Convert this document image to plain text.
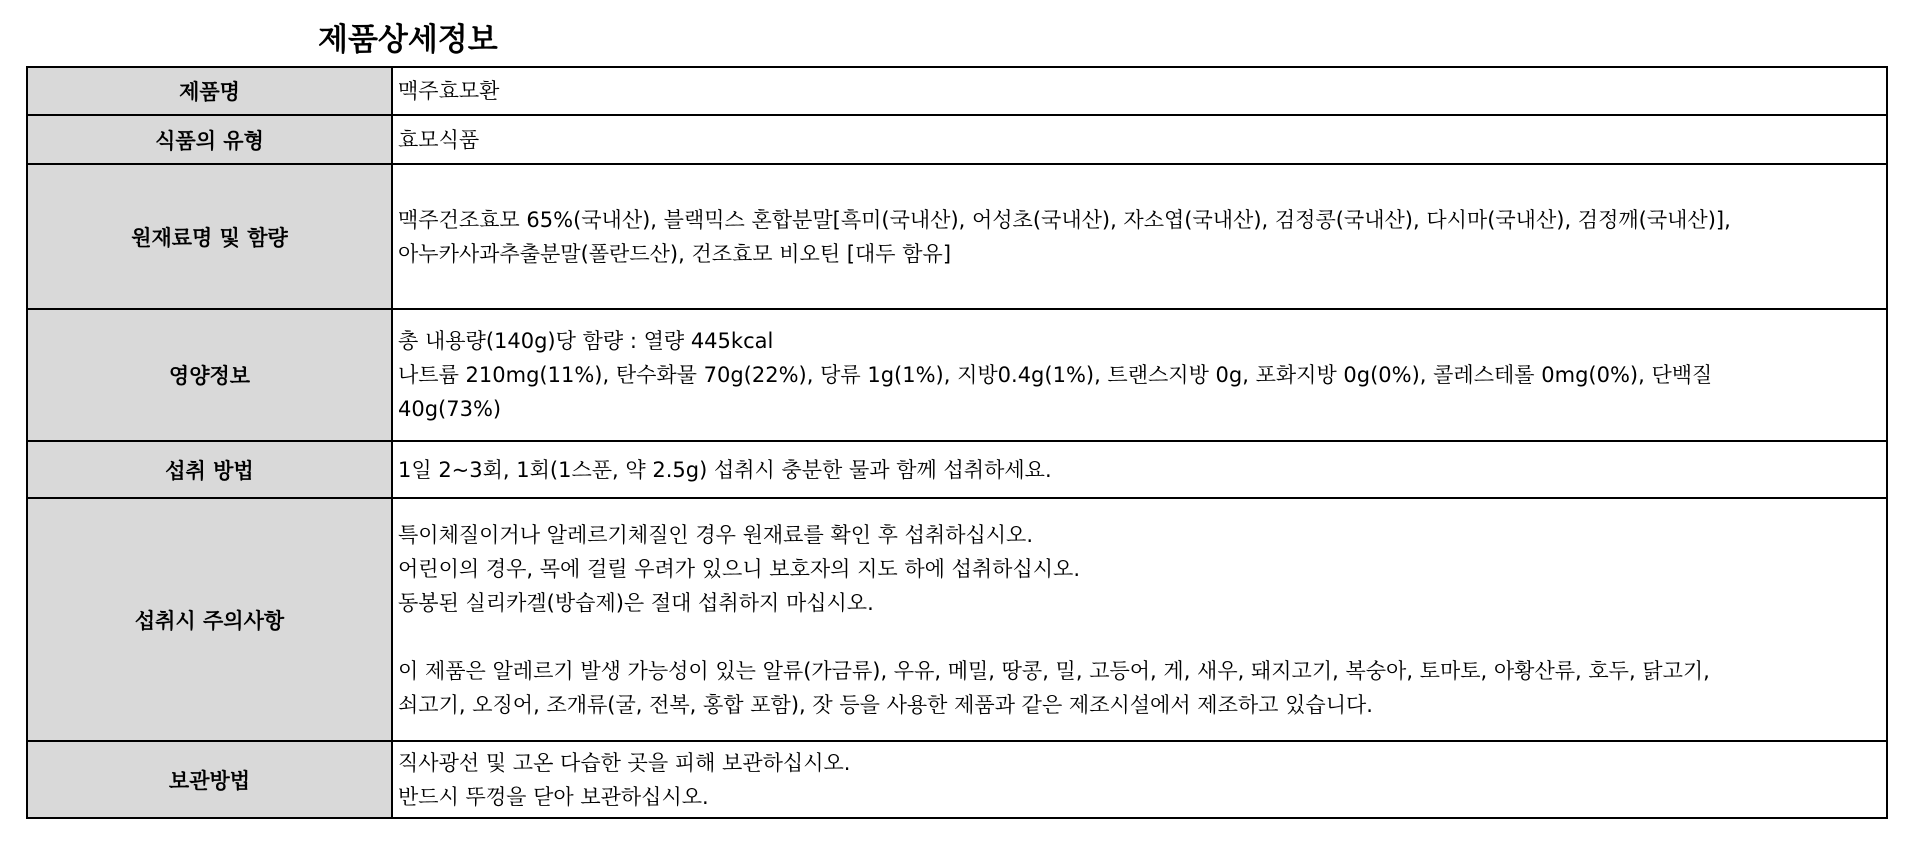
제품상세정보
제품명	맥주효모환

식품의 유형	효모식품

원재료명 및 함량	맥주건조효모 65%(국내산), 블랙믹스 혼합분말[흑미(국내산), 어성초(국내산), 자소엽(국내산), 검정콩(국내산), 다시마(국내산), 검정깨(국내산)],
아누카사과추출분말(폴란드산), 건조효모 비오틴 [대두 함유]

영양정보	총 내용량(140g)당 함량 : 열량 445kcal
나트륨 210mg(11%), 탄수화물 70g(22%), 당류 1g(1%), 지방0.4g(1%), 트랜스지방 0g, 포화지방 0g(0%), 콜레스테롤 0mg(0%), 단백질
40g(73%)

섭취 방법	1일 2~3회, 1회(1스푼, 약 2.5g) 섭취시 충분한 물과 함께 섭취하세요.

섭취시 주의사항	특이체질이거나 알레르기체질인 경우 원재료를 확인 후 섭취하십시오.
어린이의 경우, 목에 걸릴 우려가 있으니 보호자의 지도 하에 섭취하십시오.
동봉된 실리카겔(방습제)은 절대 섭취하지 마십시오.
이 제품은 알레르기 발생 가능성이 있는 알류(가금류), 우유, 메밀, 땅콩, 밀, 고등어, 게, 새우, 돼지고기, 복숭아, 토마토, 아황산류, 호두, 닭고기,
쇠고기, 오징어, 조개류(굴, 전복, 홍합 포함), 잣 등을 사용한 제품과 같은 제조시설에서 제조하고 있습니다.

보관방법	직사광선 및 고온 다습한 곳을 피해 보관하십시오.
반드시 뚜껑을 닫아 보관하십시오.
